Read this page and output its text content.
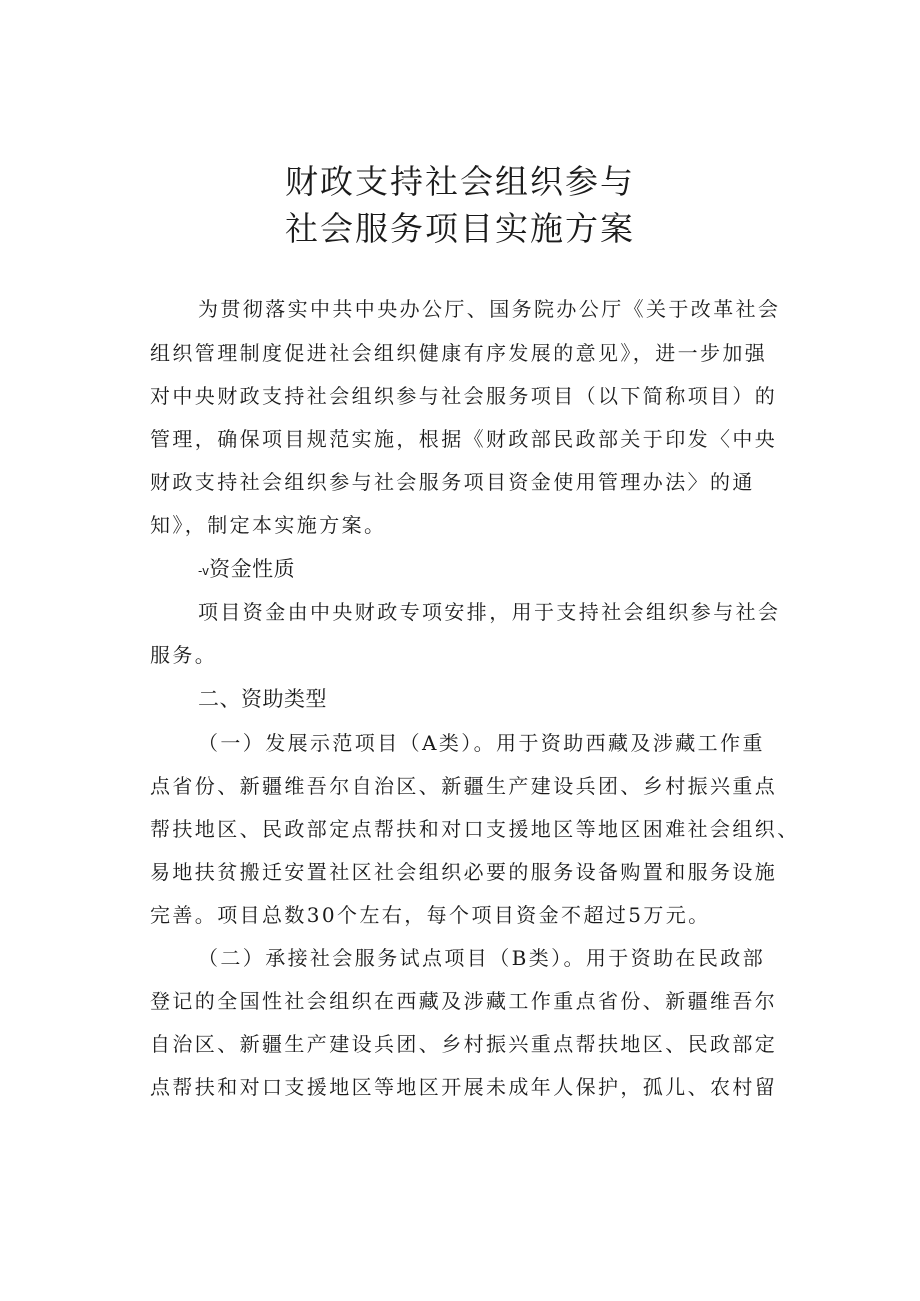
财政支持社会组织参与
社会服务项目实施方案
为贯彻落实中共中央办公厅、国务院办公厅《关于改革社会
组织管理制度促进社会组织健康有序发展的意见》，进一步加强
对中央财政支持社会组织参与社会服务项目（以下简称项目）的
管理，确保项目规范实施，根据《财政部民政部关于印发〈中央
财政支持社会组织参与社会服务项目资金使用管理办法〉的通
知》，制定本实施方案。
-v资金性质
项目资金由中央财政专项安排，用于支持社会组织参与社会
服务。
二、资助类型
（一）发展示范项目（A类）。用于资助西藏及涉藏工作重
点省份、新疆维吾尔自治区、新疆生产建设兵团、乡村振兴重点
帮扶地区、民政部定点帮扶和对口支援地区等地区困难社会组织、
易地扶贫搬迁安置社区社会组织必要的服务设备购置和服务设施
完善。项目总数30个左右，每个项目资金不超过5万元。
（二）承接社会服务试点项目（B类）。用于资助在民政部
登记的全国性社会组织在西藏及涉藏工作重点省份、新疆维吾尔
自治区、新疆生产建设兵团、乡村振兴重点帮扶地区、民政部定
点帮扶和对口支援地区等地区开展未成年人保护，孤儿、农村留
